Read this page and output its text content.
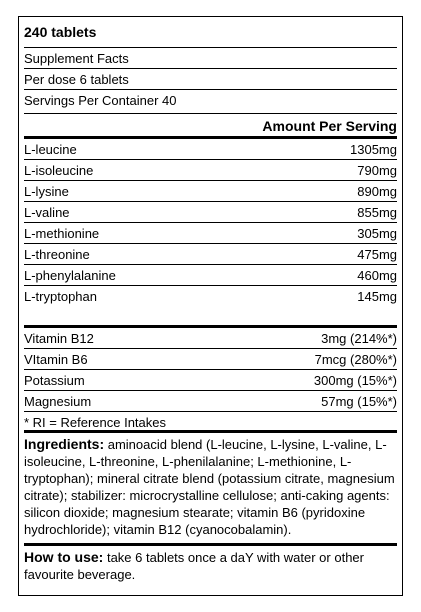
240 tablets
Supplement Facts
Per dose 6 tablets
Servings Per Container 40
Amount Per Serving
L-leucine	1305mg
L-isoleucine	790mg
L-lysine	890mg
L-valine	855mg
L-methionine	305mg
L-threonine	475mg
L-phenylalanine	460mg
L-tryptophan	145mg
Vitamin B12	3mg (214%*)
VItamin B6	7mcg (280%*)
Potassium	300mg (15%*)
Magnesium	57mg (15%*)
* RI = Reference Intakes
Ingredients: aminoacid blend (L-leucine, L-lysine, L-valine, L-isoleucine, L-threonine, L-phenilalanine; L-methionine, L-tryptophan); mineral citrate blend (potassium citrate, magnesium citrate); stabilizer: microcrystalline cellulose; anti-caking agents: silicon dioxide; magnesium stearate; vitamin B6 (pyridoxine hydrochloride); vitamin B12 (cyanocobalamin).
How to use: take 6 tablets once a daY with water or other favourite beverage.
